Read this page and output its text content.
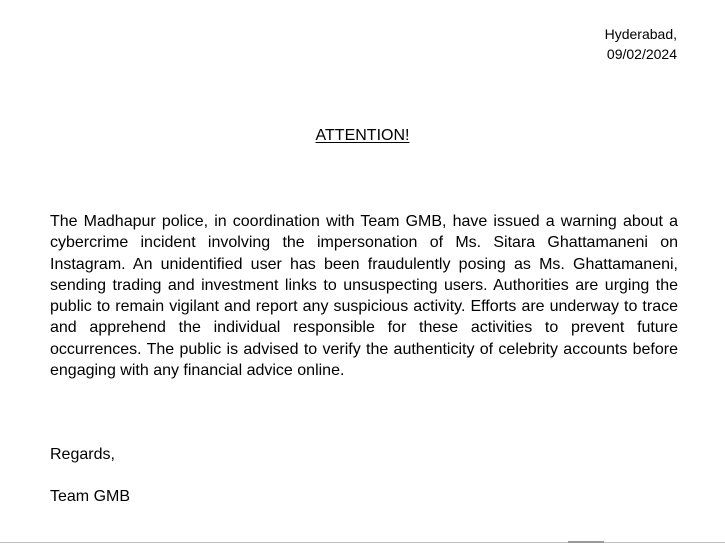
Hyderabad,
09/02/2024
ATTENTION!

The Madhapur police, in coordination with Team GMB, have issued a warning about a cybercrime incident involving the impersonation of Ms. Sitara Ghattamaneni on Instagram. An unidentified user has been fraudulently posing as Ms. Ghattamaneni, sending trading and investment links to unsuspecting users. Authorities are urging the public to remain vigilant and report any suspicious activity. Efforts are underway to trace and apprehend the individual responsible for these activities to prevent future occurrences. The public is advised to verify the authenticity of celebrity accounts before engaging with any financial advice online.

Regards,
Team GMB
